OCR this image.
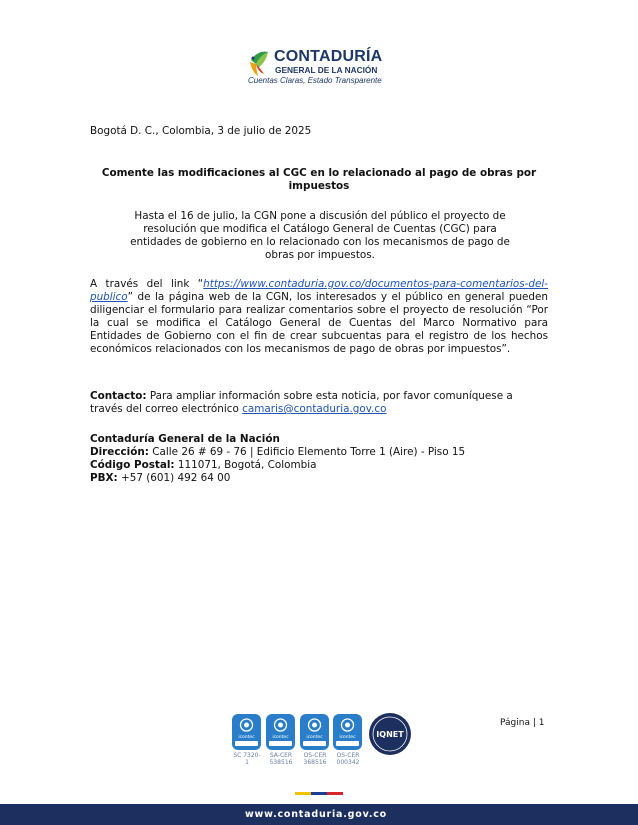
CONTADURÍA
GENERAL DE LA NACIÓN
Cuentas Claras, Estado Transparente
Bogotá D. C., Colombia, 3 de julio de 2025
Comente las modificaciones al CGC en lo relacionado al pago de obras por impuestos
Hasta el 16 de julio, la CGN pone a discusión del público el proyecto de resolución que modifica el Catálogo General de Cuentas (CGC) para entidades de gobierno en lo relacionado con los mecanismos de pago de obras por impuestos.
A través del link “https://www.contaduria.gov.co/documentos-para-comentarios-del-publico” de la página web de la CGN, los interesados y el público en general pueden diligenciar el formulario para realizar comentarios sobre el proyecto de resolución “Por la cual se modifica el Catálogo General de Cuentas del Marco Normativo para Entidades de Gobierno con el fin de crear subcuentas para el registro de los hechos económicos relacionados con los mecanismos de pago de obras por impuestos”.
Contacto: Para ampliar información sobre esta noticia, por favor comuníquese a través del correo electrónico camaris@contaduria.gov.co
Contaduría General de la Nación
Dirección: Calle 26 # 69 - 76 | Edificio Elemento Torre 1 (Aire) - Piso 15
Código Postal: 111071, Bogotá, Colombia
PBX: +57 (601) 492 64 00
Página | 1
icontec	icontec	icontec	icontec
SC 7320-1
SA-CER 538516
OS-CER 368516
OS-CER 000342
IQNET
www.contaduria.gov.co
